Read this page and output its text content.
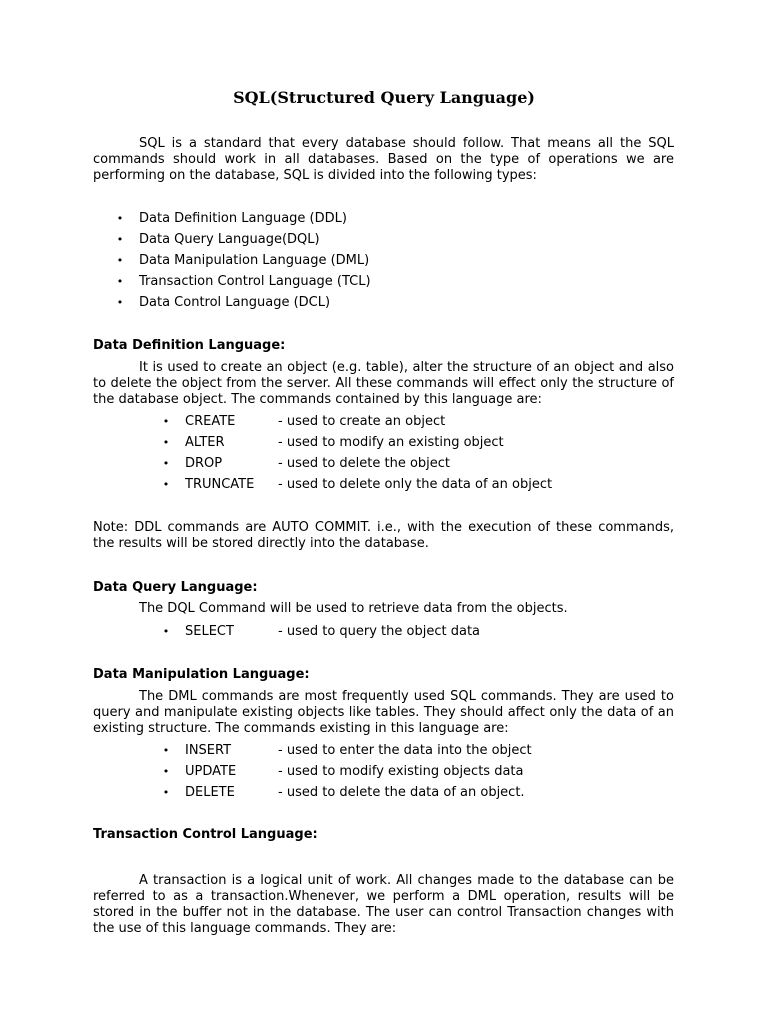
SQL(Structured Query Language)

SQL is a standard that every database should follow. That means all the SQL commands should work in all databases. Based on the type of operations we are performing on the database, SQL is divided into the following types:

• Data Definition Language (DDL)
• Data Query Language(DQL)
• Data Manipulation Language (DML)
• Transaction Control Language (TCL)
• Data Control Language (DCL)
Data Definition Language:

It is used to create an object (e.g. table), alter the structure of an object and also to delete the object from the server. All these commands will effect only the structure of the database object. The commands contained by this language are:

• CREATE	- used to create an object
• ALTER	- used to modify an existing object
• DROP	- used to delete the object
• TRUNCATE - used to delete only the data of an object

Note: DDL commands are AUTO COMMIT. i.e., with the execution of these commands, the results will be stored directly into the database.

Data Query Language:

The DQL Command will be used to retrieve data from the objects.

• SELECT	- used to query the object data
Data Manipulation Language:

The DML commands are most frequently used SQL commands. They are used to query and manipulate existing objects like tables. They should affect only the data of an existing structure. The commands existing in this language are:

• INSERT	- used to enter the data into the object
• UPDATE	- used to modify existing objects data
• DELETE	- used to delete the data of an object.
Transaction Control Language:

A transaction is a logical unit of work. All changes made to the database can be referred to as a transaction.Whenever, we perform a DML operation, results will be stored in the buffer not in the database. The user can control Transaction changes with the use of this language commands. They are:
